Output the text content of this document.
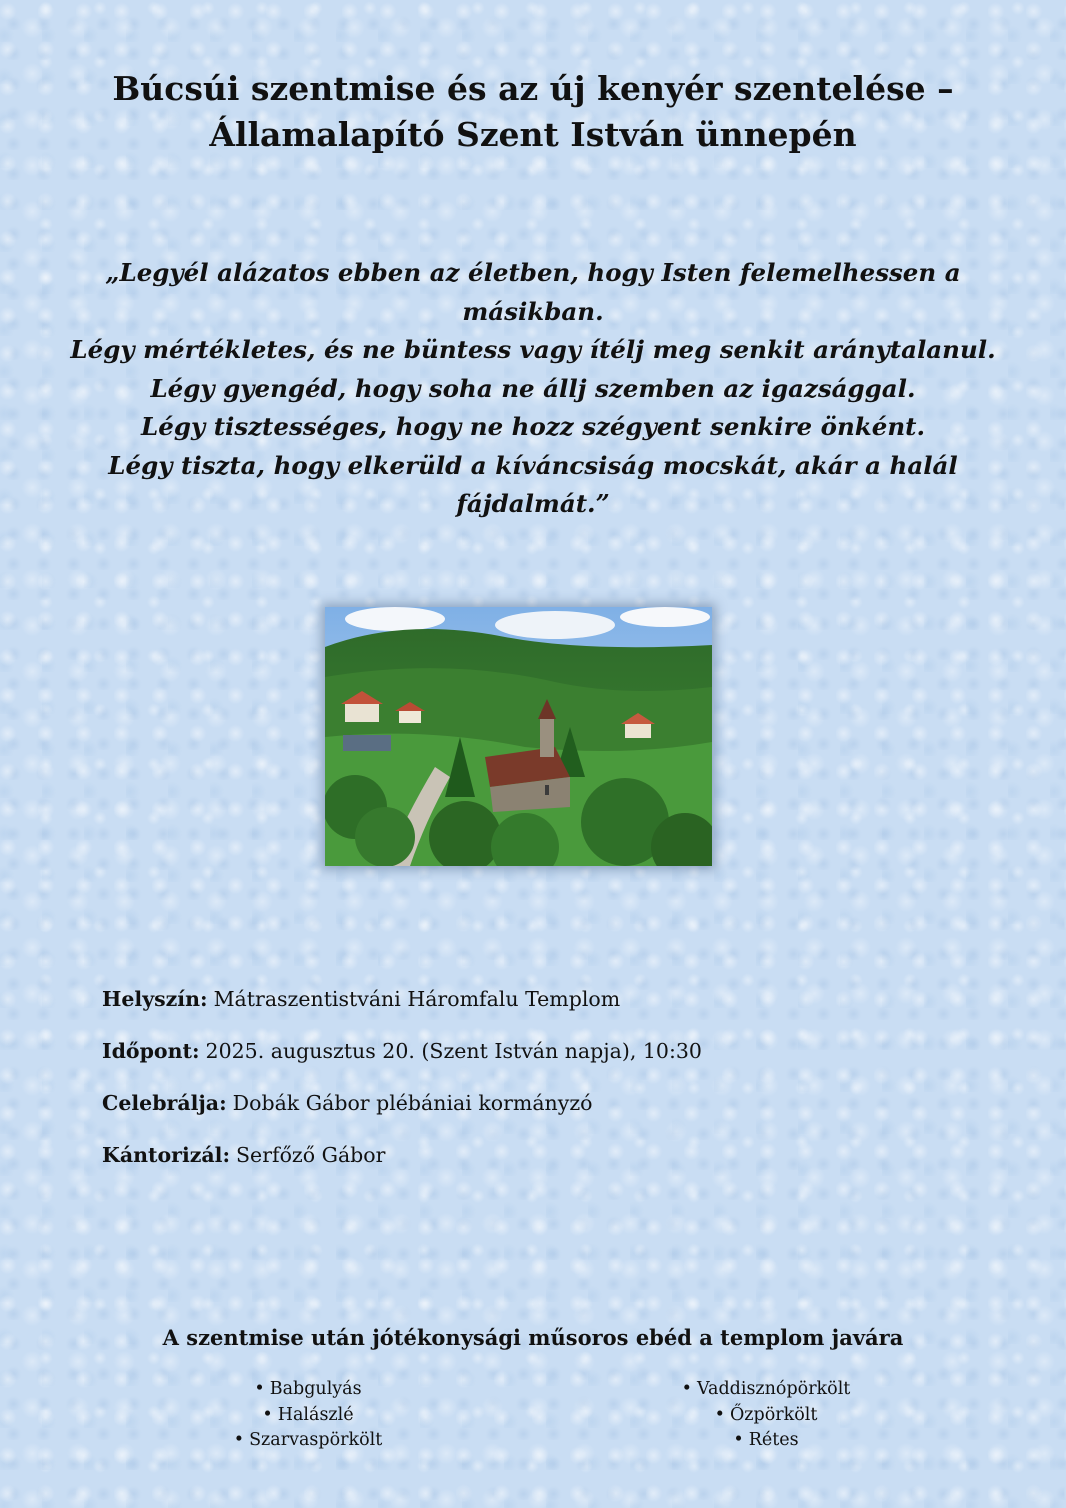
Búcsúi szentmise és az új kenyér szentelése –
Államalapító Szent István ünnepén

„Legyél alázatos ebben az életben, hogy Isten felemelhessen a
másikban.
Légy mértékletes, és ne büntess vagy ítélj meg senkit aránytalanul.
Légy gyengéd, hogy soha ne állj szemben az igazsággal.
Légy tisztességes, hogy ne hozz szégyent senkire önként.
Légy tiszta, hogy elkerüld a kíváncsiság mocskát, akár a halál
fájdalmát.”

Helyszín: Mátraszentistváni Háromfalu Templom
Időpont: 2025. augusztus 20. (Szent István napja), 10:30
Celebrálja: Dobák Gábor plébániai kormányzó
Kántorizál: Serfőző Gábor
A szentmise után jótékonysági műsoros ebéd a templom javára
• Babgulyás
• Halászlé
• Szarvaspörkölt
• Vaddisznópörkölt
• Őzpörkölt
• Rétes
